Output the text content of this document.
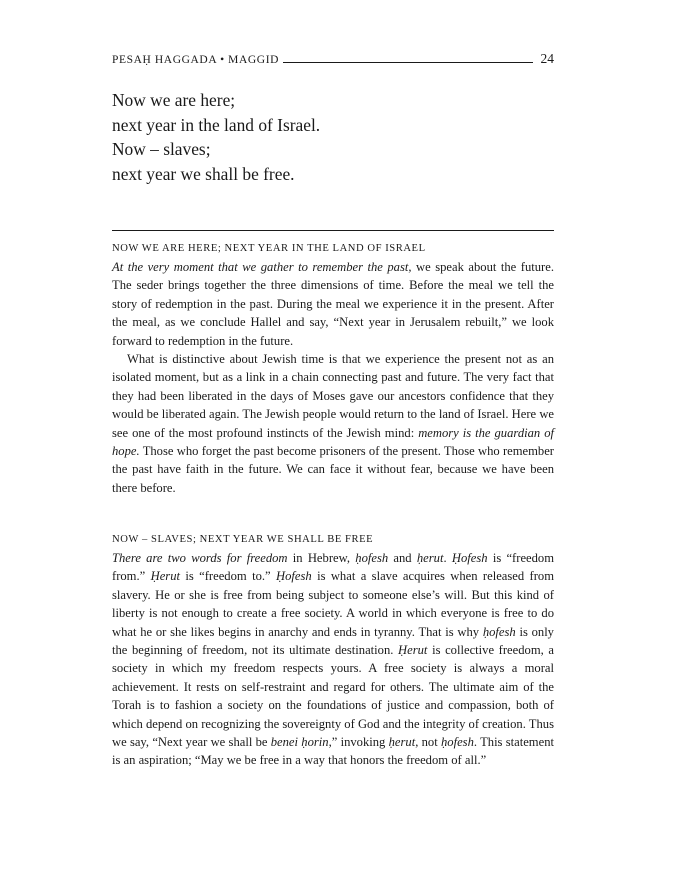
PESAḤ HAGGADA • MAGGID	24
Now we are here;
next year in the land of Israel.
Now – slaves;
next year we shall be free.
NOW WE ARE HERE; NEXT YEAR IN THE LAND OF ISRAEL

At the very moment that we gather to remember the past, we speak about the future. The seder brings together the three dimensions of time. Before the meal we tell the story of redemption in the past. During the meal we experience it in the present. After the meal, as we conclude Hallel and say, “Next year in Jerusalem rebuilt,” we look forward to redemption in the future.

What is distinctive about Jewish time is that we experience the present not as an isolated moment, but as a link in a chain connecting past and future. The very fact that they had been liberated in the days of Moses gave our ancestors confidence that they would be liberated again. The Jewish people would return to the land of Israel. Here we see one of the most profound instincts of the Jewish mind: memory is the guardian of hope. Those who forget the past become prisoners of the present. Those who remember the past have faith in the future. We can face it without fear, because we have been there before.

NOW – SLAVES; NEXT YEAR WE SHALL BE FREE

There are two words for freedom in Hebrew, ḥofesh and ḥerut. Ḥofesh is “freedom from.” Ḥerut is “freedom to.” Ḥofesh is what a slave acquires when released from slavery. He or she is free from being subject to someone else’s will. But this kind of liberty is not enough to create a free society. A world in which everyone is free to do what he or she likes begins in anarchy and ends in tyranny. That is why ḥofesh is only the beginning of freedom, not its ultimate destination. Ḥerut is collective freedom, a society in which my freedom respects yours. A free society is always a moral achievement. It rests on self-restraint and regard for others. The ultimate aim of the Torah is to fashion a society on the foundations of justice and compassion, both of which depend on recognizing the sovereignty of God and the integrity of creation. Thus we say, “Next year we shall be benei ḥorin,” invoking ḥerut, not ḥofesh. This statement is an aspiration; “May we be free in a way that honors the freedom of all.”
